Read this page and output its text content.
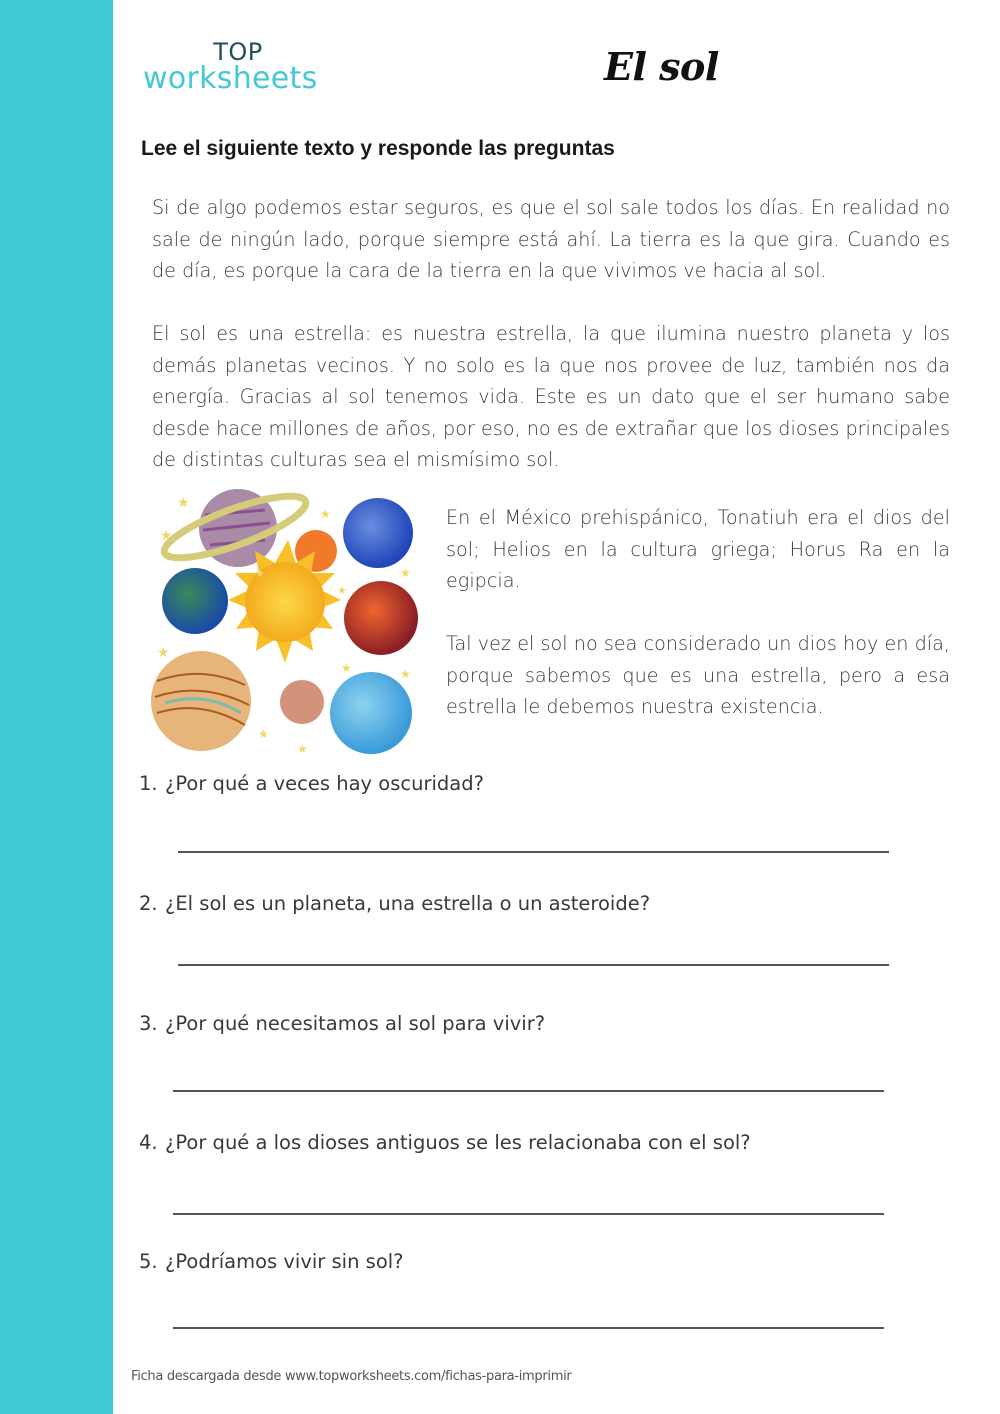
TOP
worksheets	El sol
Lee el siguiente texto y responde las preguntas
Si de algo podemos estar seguros, es que el sol sale todos los días. En realidad no sale de ningún lado, porque siempre está ahí. La tierra es la que gira. Cuando es de día, es porque la cara de la tierra en la que vivimos ve hacia al sol.
El sol es una estrella: es nuestra estrella, la que ilumina nuestro planeta y los demás planetas vecinos. Y no solo es la que nos provee de luz, también nos da energía. Gracias al sol tenemos vida. Este es un dato que el ser humano sabe desde hace millones de años, por eso, no es de extrañar que los dioses principales de distintas culturas sea el mismísimo sol.
★
★
★
★
★
★
★
★	★
★
★
En el México prehispánico, Tonatiuh era el dios del sol; Helios en la cultura griega; Horus Ra en la egipcia.
Tal vez el sol no sea considerado un dios hoy en día, porque sabemos que es una estrella, pero a esa estrella le debemos nuestra existencia.
1. ¿Por qué a veces hay oscuridad?
2. ¿El sol es un planeta, una estrella o un asteroide?
3. ¿Por qué necesitamos al sol para vivir?
4. ¿Por qué a los dioses antiguos se les relacionaba con el sol?
5. ¿Podríamos vivir sin sol?
Ficha descargada desde www.topworksheets.com/fichas-para-imprimir
